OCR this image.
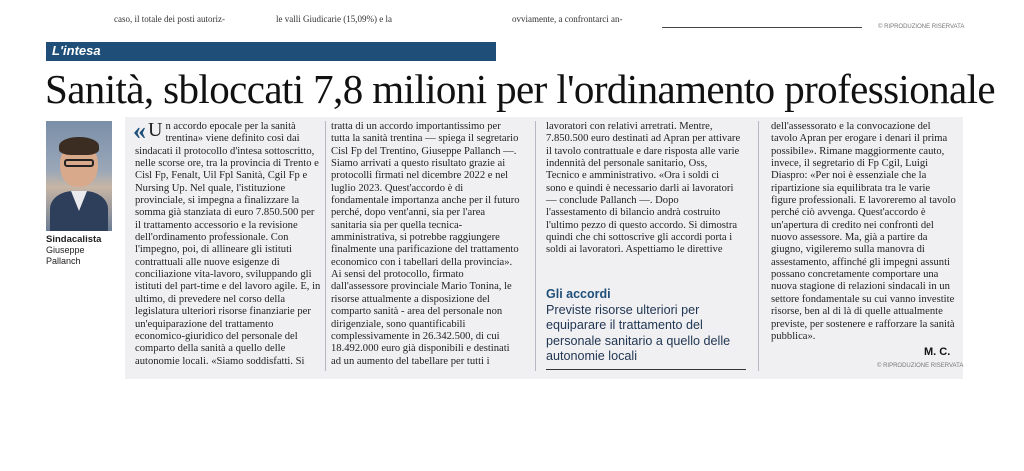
caso, il totale dei posti autoriz-	le valli Giudicarie (15,09%) e la	ovviamente, a confrontarci an-
© RIPRODUZIONE RISERVATA
L'intesa
Sanità, sbloccati 7,8 milioni per l'ordinamento professionale
Sindacalista
Giuseppe
Pallanch
« U n accordo epocale per la sanità trentina» viene definito così dai sindacati il protocollo d'intesa sottoscritto, nelle scorse ore, tra la provincia di Trento e Cisl Fp, Fenalt, Uil Fpl Sanità, Cgil Fp e Nursing Up. Nel quale, l'istituzione provinciale, si impegna a finalizzare la somma già stanziata di euro 7.850.500 per il trattamento accessorio e la revisione dell'ordinamento professionale. Con l'impegno, poi, di allineare gli istituti contrattuali alle nuove esigenze di conciliazione vita-lavoro, sviluppando gli istituti del part-time e del lavoro agile. E, in ultimo, di prevedere nel corso della legislatura ulteriori risorse finanziarie per un'equiparazione del trattamento economico-giuridico del personale del comparto della sanità a quello delle autonomie locali. «Siamo soddisfatti. Si

tratta di un accordo importantissimo per tutta la sanità trentina — spiega il segretario Cisl Fp del Trentino, Giuseppe Pallanch —. Siamo arrivati a questo risultato grazie ai protocolli firmati nel dicembre 2022 e nel luglio 2023. Quest'accordo è di fondamentale importanza anche per il futuro perché, dopo vent'anni, sia per l'area sanitaria sia per quella tecnica-amministrativa, si potrebbe raggiungere finalmente una parificazione del trattamento economico con i tabellari della provincia». Ai sensi del protocollo, firmato dall'assessore provinciale Mario Tonina, le risorse attualmente a disposizione del comparto sanità - area del personale non dirigenziale, sono quantificabili complessivamente in 26.342.500, di cui 18.492.000 euro già disponibili e destinati ad un aumento del tabellare per tutti i

lavoratori con relativi arretrati. Mentre, 7.850.500 euro destinati ad Apran per attivare il tavolo contrattuale e dare risposta alle varie indennità del personale sanitario, Oss, Tecnico e amministrativo. «Ora i soldi ci sono e quindi è necessario darli ai lavoratori — conclude Pallanch —. Dopo l'assestamento di bilancio andrà costruito l'ultimo pezzo di questo accordo. Si dimostra quindi che chi sottoscrive gli accordi porta i soldi ai lavoratori. Aspettiamo le direttive

dell'assessorato e la convocazione del tavolo Apran per erogare i denari il prima possibile». Rimane maggiormente cauto, invece, il segretario di Fp Cgil, Luigi Diaspro: «Per noi è essenziale che la ripartizione sia equilibrata tra le varie figure professionali. E lavoreremo al tavolo perché ciò avvenga. Quest'accordo è un'apertura di credito nei confronti del nuovo assessore. Ma, già a partire da giugno, vigileremo sulla manovra di assestamento, affinché gli impegni assunti possano concretamente comportare una nuova stagione di relazioni sindacali in un settore fondamentale su cui vanno investite risorse, ben al di là di quelle attualmente previste, per sostenere e rafforzare la sanità pubblica».

Gli accordi
Previste risorse ulteriori per equiparare il trattamento del personale sanitario a quello delle autonomie locali	M. C.
© RIPRODUZIONE RISERVATA
